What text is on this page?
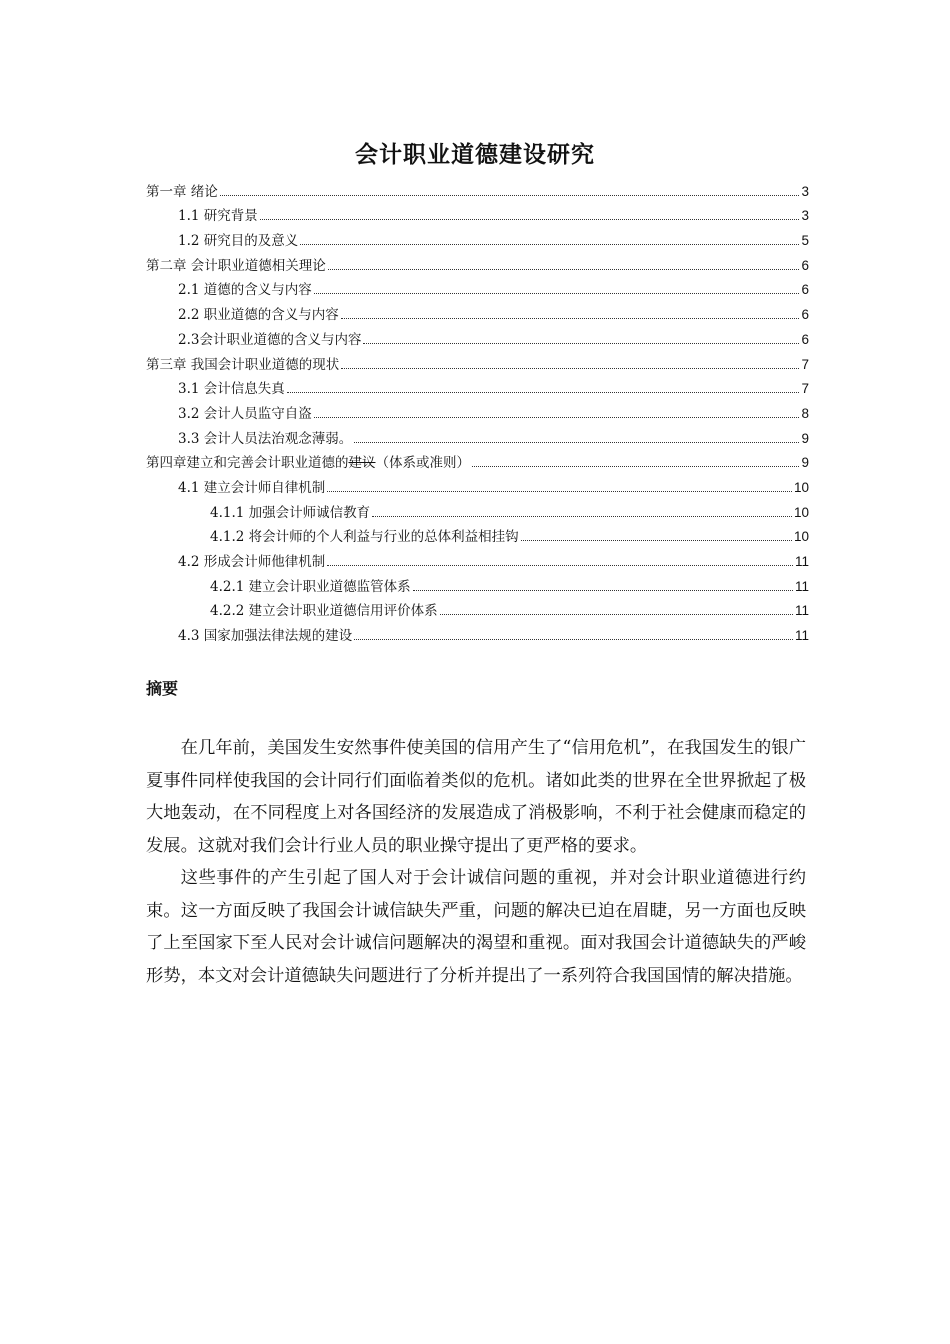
会计职业道德建设研究
第一章 绪论	3
1.1 研究背景	3
1.2 研究目的及意义	5
第二章 会计职业道德相关理论	6
2.1 道德的含义与内容	6
2.2 职业道德的含义与内容	6
2.3会计职业道德的含义与内容	6
第三章 我国会计职业道德的现状	7
3.1 会计信息失真	7
3.2 会计人员监守自盗	8
3.3 会计人员法治观念薄弱。	9
第四章建立和完善会计职业道德的建议（体系或准则）	9
4.1 建立会计师自律机制	10
4.1.1 加强会计师诚信教育	10
4.1.2 将会计师的个人利益与行业的总体利益相挂钩	10
4.2 形成会计师他律机制	11
4.2.1 建立会计职业道德监管体系	11
4.2.2 建立会计职业道德信用评价体系	11
4.3 国家加强法律法规的建设	11
摘要

在几年前，美国发生安然事件使美国的信用产生了“信用危机”，在我国发生的银广夏事件同样使我国的会计同行们面临着类似的危机。诸如此类的世界在全世界掀起了极大地轰动，在不同程度上对各国经济的发展造成了消极影响，不利于社会健康而稳定的发展。这就对我们会计行业人员的职业操守提出了更严格的要求。

这些事件的产生引起了国人对于会计诚信问题的重视，并对会计职业道德进行约束。这一方面反映了我国会计诚信缺失严重，问题的解决已迫在眉睫，另一方面也反映了上至国家下至人民对会计诚信问题解决的渴望和重视。面对我国会计道德缺失的严峻形势，本文对会计道德缺失问题进行了分析并提出了一系列符合我国国情的解决措施。
